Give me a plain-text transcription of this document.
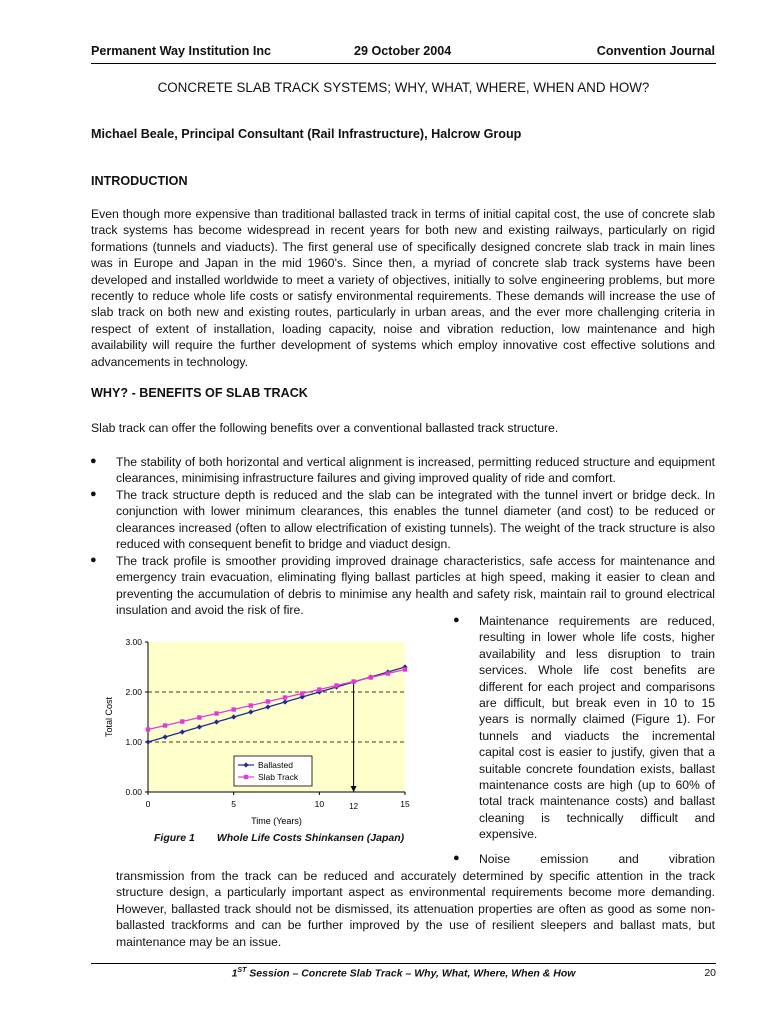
Permanent Way Institution Inc	29 October 2004	Convention Journal
CONCRETE SLAB TRACK SYSTEMS; WHY, WHAT, WHERE, WHEN AND HOW?
Michael Beale, Principal Consultant (Rail Infrastructure), Halcrow Group
INTRODUCTION

Even though more expensive than traditional ballasted track in terms of initial capital cost, the use of concrete slab track systems has become widespread in recent years for both new and existing railways, particularly on rigid formations (tunnels and viaducts). The first general use of specifically designed concrete slab track in main lines was in Europe and Japan in the mid 1960's. Since then, a myriad of concrete slab track systems have been developed and installed worldwide to meet a variety of objectives, initially to solve engineering problems, but more recently to reduce whole life costs or satisfy environmental requirements. These demands will increase the use of slab track on both new and existing routes, particularly in urban areas, and the ever more challenging criteria in respect of extent of installation, loading capacity, noise and vibration reduction, low maintenance and high availability will require the further development of systems which employ innovative cost effective solutions and advancements in technology.

WHY? - BENEFITS OF SLAB TRACK

Slab track can offer the following benefits over a conventional ballasted track structure.

● The stability of both horizontal and vertical alignment is increased, permitting reduced structure and equipment clearances, minimising infrastructure failures and giving improved quality of ride and comfort.

● The track structure depth is reduced and the slab can be integrated with the tunnel invert or bridge deck. In conjunction with lower minimum clearances, this enables the tunnel diameter (and cost) to be reduced or clearances increased (often to allow electrification of existing tunnels). The weight of the track structure is also reduced with consequent benefit to bridge and viaduct design.

● The track profile is smoother providing improved drainage characteristics, safe access for maintenance and emergency train evacuation, eliminating flying ballast particles at high speed, making it easier to clean and preventing the accumulation of debris to minimise any health and safety risk, maintain rail to ground electrical insulation and avoid the risk of fire.

● Maintenance requirements are reduced, resulting in lower whole life costs, higher availability and less disruption to train services. Whole life cost benefits are different for each project and comparisons are difficult, but break even in 10 to 15 years is normally claimed (Figure 1). For tunnels and viaducts the incremental capital cost is easier to justify, given that a suitable concrete foundation exists, ballast maintenance costs are high (up to 60% of total track maintenance costs) and ballast cleaning is technically difficult and expensive.

● Noise emission and vibration

transmission from the track can be reduced and accurately determined by specific attention in the track structure design, a particularly important aspect as environmental requirements become more demanding. However, ballasted track should not be dismissed, its attenuation properties are often as good as some non-ballasted trackforms and can be further improved by the use of resilient sleepers and ballast mats, but maintenance may be an issue.

0.00
1.00
2.00
3.00
0	5	10	15
12
Ballasted
Slab Track
Total Cost
Time (Years)
Figure 1 Whole Life Costs Shinkansen (Japan)
1ST Session – Concrete Slab Track – Why, What, Where, When & How	20
